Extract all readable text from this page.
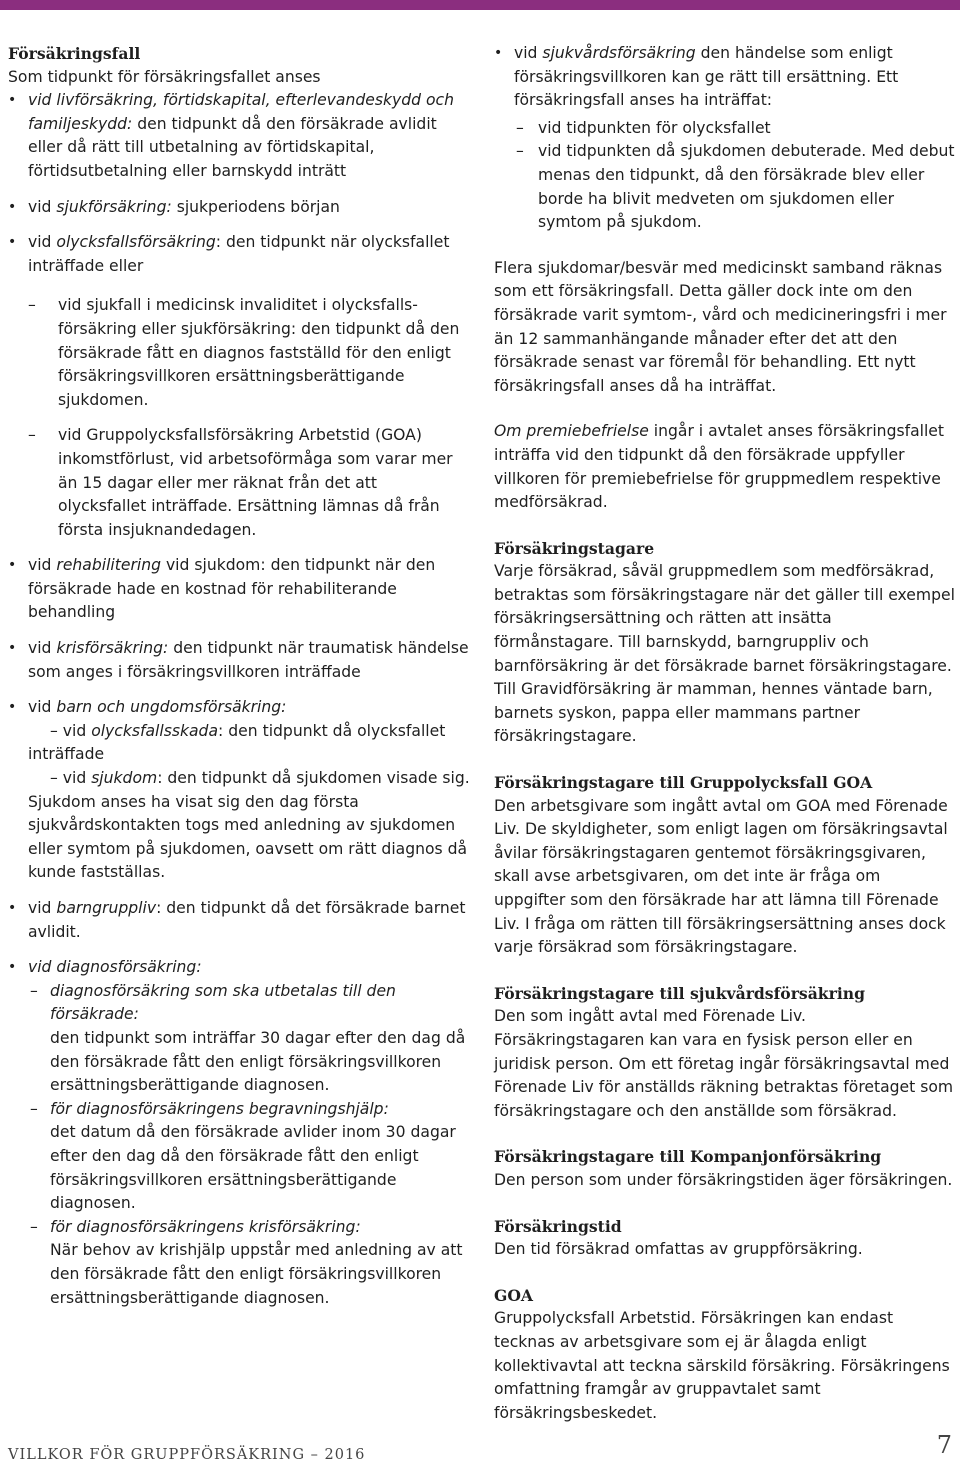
Försäkringsfall
Som tidpunkt för försäkringsfallet anses
• vid livförsäkring, förtidskapital, efterlevandeskydd och familjeskydd: den tidpunkt då den försäkrade avlidit eller då rätt till utbetalning av förtidskapital, förtidsutbetalning eller barnskydd inträtt
• vid sjukförsäkring: sjukperiodens början
• vid olycksfallsförsäkring: den tidpunkt när olycksfallet inträffade eller
– vid sjukfall i medicinsk invaliditet i olycksfalls-försäkring eller sjukförsäkring: den tidpunkt då den försäkrade fått en diagnos fastställd för den enligt försäkringsvillkoren ersättningsberättigande sjukdomen.
– vid Gruppolycksfallsförsäkring Arbetstid (GOA) inkomstförlust, vid arbetsoförmåga som varar mer än 15 dagar eller mer räknat från det att olycksfallet inträffade. Ersättning lämnas då från första insjuknandedagen.
• vid rehabilitering vid sjukdom: den tidpunkt när den försäkrade hade en kostnad för rehabiliterande behandling
• vid krisförsäkring: den tidpunkt när traumatisk händelse som anges i försäkringsvillkoren inträffade
• vid barn och ungdomsförsäkring:
– vid olycksfallsskada: den tidpunkt då olycksfallet inträffade
– vid sjukdom: den tidpunkt då sjukdomen visade sig. Sjukdom anses ha visat sig den dag första sjukvårdskontakten togs med anledning av sjukdomen eller symtom på sjukdomen, oavsett om rätt diagnos då kunde fastställas.
• vid barngruppliv: den tidpunkt då det försäkrade barnet avlidit.
• vid diagnosförsäkring:
– diagnosförsäkring som ska utbetalas till den försäkrade:
den tidpunkt som inträffar 30 dagar efter den dag då den försäkrade fått den enligt försäkringsvillkoren ersättningsberättigande diagnosen.
– för diagnosförsäkringens begravningshjälp:
det datum då den försäkrade avlider inom 30 dagar efter den dag då den försäkrade fått den enligt försäkringsvillkoren ersättningsberättigande diagnosen.
– för diagnosförsäkringens krisförsäkring:
När behov av krishjälp uppstår med anledning av att den försäkrade fått den enligt försäkringsvillkoren ersättningsberättigande diagnosen.
• vid sjukvårdsförsäkring den händelse som enligt försäkringsvillkoren kan ge rätt till ersättning. Ett försäkringsfall anses ha inträffat:
– vid tidpunkten för olycksfallet
– vid tidpunkten då sjukdomen debuterade. Med debut menas den tidpunkt, då den försäkrade blev eller borde ha blivit medveten om sjukdomen eller symtom på sjukdom.
Flera sjukdomar/besvär med medicinskt samband räknas som ett försäkringsfall. Detta gäller dock inte om den försäkrade varit symtom-, vård och medicineringsfri i mer än 12 sammanhängande månader efter det att den försäkrade senast var föremål för behandling. Ett nytt försäkringsfall anses då ha inträffat.
Om premiebefrielse ingår i avtalet anses försäkringsfallet inträffa vid den tidpunkt då den försäkrade uppfyller villkoren för premiebefrielse för gruppmedlem respektive medförsäkrad.
Försäkringstagare
Varje försäkrad, såväl gruppmedlem som medförsäkrad, betraktas som försäkringstagare när det gäller till exempel försäkringsersättning och rätten att insätta förmånstagare. Till barnskydd, barngruppliv och barnförsäkring är det försäkrade barnet försäkringstagare. Till Gravidförsäkring är mamman, hennes väntade barn, barnets syskon, pappa eller mammans partner försäkringstagare.
Försäkringstagare till Gruppolycksfall GOA
Den arbetsgivare som ingått avtal om GOA med Förenade Liv. De skyldigheter, som enligt lagen om försäkringsavtal åvilar försäkringstagaren gentemot försäkringsgivaren, skall avse arbetsgivaren, om det inte är fråga om uppgifter som den försäkrade har att lämna till Förenade Liv. I fråga om rätten till försäkringsersättning anses dock varje försäkrad som försäkringstagare.
Försäkringstagare till sjukvårdsförsäkring
Den som ingått avtal med Förenade Liv. Försäkringstagaren kan vara en fysisk person eller en juridisk person. Om ett företag ingår försäkringsavtal med Förenade Liv för anställds räkning betraktas företaget som försäkringstagare och den anställde som försäkrad.
Försäkringstagare till Kompanjonförsäkring
Den person som under försäkringstiden äger försäkringen.
Försäkringstid
Den tid försäkrad omfattas av gruppförsäkring.
GOA
Gruppolycksfall Arbetstid. Försäkringen kan endast tecknas av arbetsgivare som ej är ålagda enligt kollektivavtal att teckna särskild försäkring. Försäkringens omfattning framgår av gruppavtalet samt försäkringsbeskedet.
VILLKOR FÖR GRUPPFÖRSÄKRING – 2016	7
